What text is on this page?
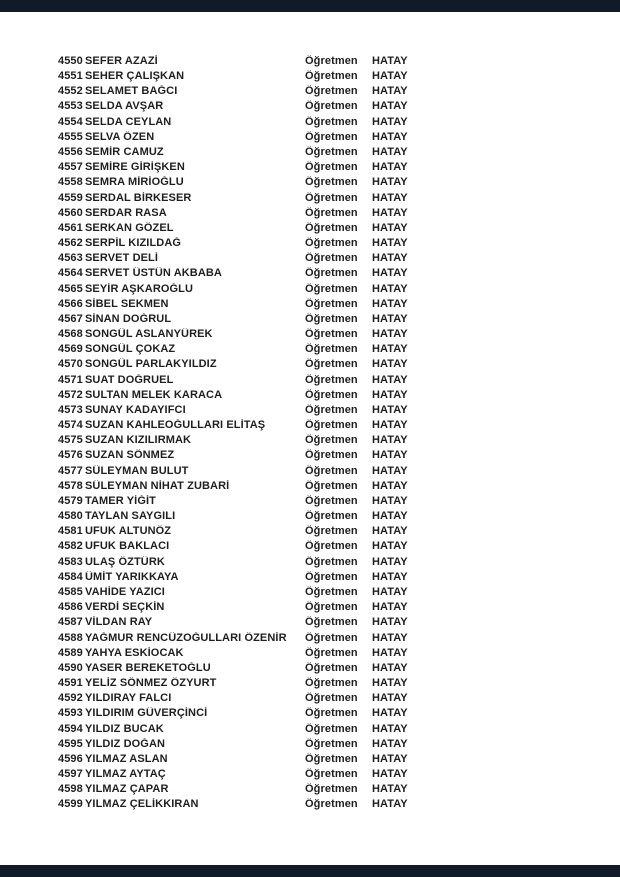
4550 SEFER AZAZİ	Öğretmen	HATAY
4551 SEHER ÇALIŞKAN	Öğretmen	HATAY
4552 SELAMET BAĞCI	Öğretmen	HATAY
4553 SELDA AVŞAR	Öğretmen	HATAY
4554 SELDA CEYLAN	Öğretmen	HATAY
4555 SELVA ÖZEN	Öğretmen	HATAY
4556 SEMİR CAMUZ	Öğretmen	HATAY
4557 SEMİRE GİRİŞKEN	Öğretmen	HATAY
4558 SEMRA MİRİOĞLU	Öğretmen	HATAY
4559 SERDAL BİRKESER	Öğretmen	HATAY
4560 SERDAR RASA	Öğretmen	HATAY
4561 SERKAN GÖZEL	Öğretmen	HATAY
4562 SERPİL KIZILDAĞ	Öğretmen	HATAY
4563 SERVET DELİ	Öğretmen	HATAY
4564 SERVET ÜSTÜN AKBABA	Öğretmen	HATAY
4565 SEYİR AŞKAROĞLU	Öğretmen	HATAY
4566 SİBEL SEKMEN	Öğretmen	HATAY
4567 SİNAN DOĞRUL	Öğretmen	HATAY
4568 SONGÜL ASLANYÜREK	Öğretmen	HATAY
4569 SONGÜL ÇOKAZ	Öğretmen	HATAY
4570 SONGÜL PARLAKYILDIZ	Öğretmen	HATAY
4571 SUAT DOĞRUEL	Öğretmen	HATAY
4572 SULTAN MELEK KARACA	Öğretmen	HATAY
4573 SUNAY KADAYIFCI	Öğretmen	HATAY
4574 SUZAN KAHLEOĞULLARI ELİTAŞ	Öğretmen	HATAY
4575 SUZAN KIZILIRMAK	Öğretmen	HATAY
4576 SUZAN SÖNMEZ	Öğretmen	HATAY
4577 SÜLEYMAN BULUT	Öğretmen	HATAY
4578 SÜLEYMAN NİHAT ZUBARİ	Öğretmen	HATAY
4579 TAMER YİĞİT	Öğretmen	HATAY
4580 TAYLAN SAYGILI	Öğretmen	HATAY
4581 UFUK ALTUNÖZ	Öğretmen	HATAY
4582 UFUK BAKLACI	Öğretmen	HATAY
4583 ULAŞ ÖZTÜRK	Öğretmen	HATAY
4584 ÜMİT YARIKKAYA	Öğretmen	HATAY
4585 VAHİDE YAZICI	Öğretmen	HATAY
4586 VERDİ SEÇKİN	Öğretmen	HATAY
4587 VİLDAN RAY	Öğretmen	HATAY
4588 YAĞMUR RENCÜZOĞULLARI ÖZENİR	Öğretmen	HATAY
4589 YAHYA ESKİOCAK	Öğretmen	HATAY
4590 YASER BEREKETOĞLU	Öğretmen	HATAY
4591 YELİZ SÖNMEZ ÖZYURT	Öğretmen	HATAY
4592 YILDIRAY FALCI	Öğretmen	HATAY
4593 YILDIRIM GÜVERÇİNCİ	Öğretmen	HATAY
4594 YILDIZ BUCAK	Öğretmen	HATAY
4595 YILDIZ DOĞAN	Öğretmen	HATAY
4596 YILMAZ ASLAN	Öğretmen	HATAY
4597 YILMAZ AYTAÇ	Öğretmen	HATAY
4598 YILMAZ ÇAPAR	Öğretmen	HATAY
4599 YILMAZ ÇELİKKIRAN	Öğretmen	HATAY
